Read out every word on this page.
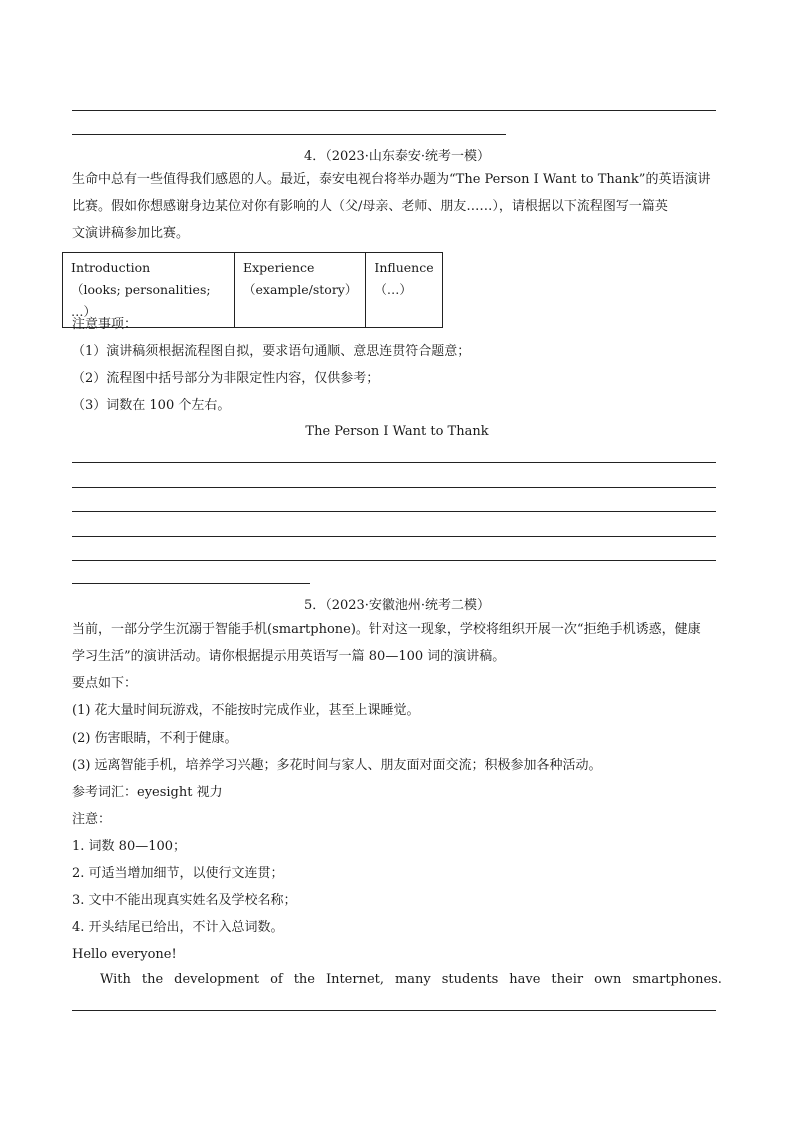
4．（2023·山东泰安·统考一模）
生命中总有一些值得我们感恩的人。最近，泰安电视台将举办题为“The Person I Want to Thank”的英语演讲
比赛。假如你想感谢身边某位对你有影响的人（父/母亲、老师、朋友……），请根据以下流程图写一篇英
文演讲稿参加比赛。
Introduction
（looks; personalities; …）

Experience
（example/story）

Influence
（…）
注意事项：
（1）演讲稿须根据流程图自拟，要求语句通顺、意思连贯符合题意；
（2）流程图中括号部分为非限定性内容，仅供参考；
（3）词数在 100 个左右。
The Person I Want to Thank
5．（2023·安徽池州·统考二模）
当前，一部分学生沉溺于智能手机(smartphone)。针对这一现象，学校将组织开展一次“拒绝手机诱惑，健康
学习生活”的演讲活动。请你根据提示用英语写一篇 80—100 词的演讲稿。
要点如下：
(1) 花大量时间玩游戏，不能按时完成作业，甚至上课睡觉。
(2) 伤害眼睛，不利于健康。
(3) 远离智能手机，培养学习兴趣；多花时间与家人、朋友面对面交流；积极参加各种活动。
参考词汇：eyesight 视力
注意：
1. 词数 80—100；
2. 可适当增加细节，以使行文连贯；
3. 文中不能出现真实姓名及学校名称；
4. 开头结尾已给出，不计入总词数。
Hello everyone!
With the development of the Internet, many students have their own smartphones.
